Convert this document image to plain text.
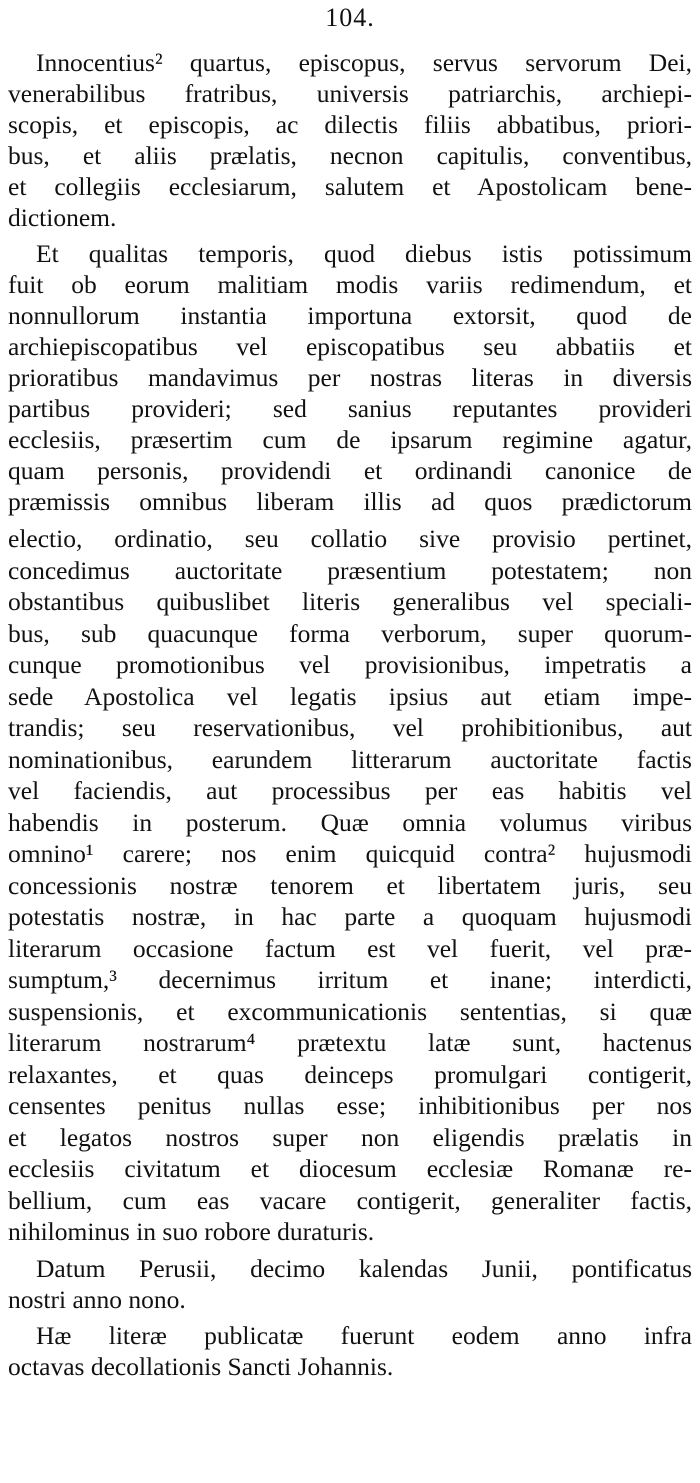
104.
Innocentius² quartus, episcopus, servus servorum Dei,
venerabilibus fratribus, universis patriarchis, archiepi-
scopis, et episcopis, ac dilectis filiis abbatibus, priori-
bus, et aliis prælatis, necnon capitulis, conventibus,
et collegiis ecclesiarum, salutem et Apostolicam bene-
dictionem.
Et qualitas temporis, quod diebus istis potissimum
fuit ob eorum malitiam modis variis redimendum, et
nonnullorum instantia importuna extorsit, quod de
archiepiscopatibus vel episcopatibus seu abbatiis et
prioratibus mandavimus per nostras literas in diversis
partibus provideri; sed sanius reputantes provideri
ecclesiis, præsertim cum de ipsarum regimine agatur,
quam personis, providendi et ordinandi canonice de
præmissis omnibus liberam illis ad quos prædictorum
electio, ordinatio, seu collatio sive provisio pertinet,
concedimus auctoritate præsentium potestatem; non
obstantibus quibuslibet literis generalibus vel speciali-
bus, sub quacunque forma verborum, super quorum-
cunque promotionibus vel provisionibus, impetratis a
sede Apostolica vel legatis ipsius aut etiam impe-
trandis; seu reservationibus, vel prohibitionibus, aut
nominationibus, earundem litterarum auctoritate factis
vel faciendis, aut processibus per eas habitis vel
habendis in posterum. Quæ omnia volumus viribus
omnino¹ carere; nos enim quicquid contra² hujusmodi
concessionis nostræ tenorem et libertatem juris, seu
potestatis nostræ, in hac parte a quoquam hujusmodi
literarum occasione factum est vel fuerit, vel præ-
sumptum,³ decernimus irritum et inane; interdicti,
suspensionis, et excommunicationis sententias, si quæ
literarum nostrarum⁴ prætextu latæ sunt, hactenus
relaxantes, et quas deinceps promulgari contigerit,
censentes penitus nullas esse; inhibitionibus per nos
et legatos nostros super non eligendis prælatis in
ecclesiis civitatum et diocesum ecclesiæ Romanæ re-
bellium, cum eas vacare contigerit, generaliter factis,
nihilominus in suo robore duraturis.
Datum Perusii, decimo kalendas Junii, pontificatus
nostri anno nono.
Hæ literæ publicatæ fuerunt eodem anno infra
octavas decollationis Sancti Johannis.
